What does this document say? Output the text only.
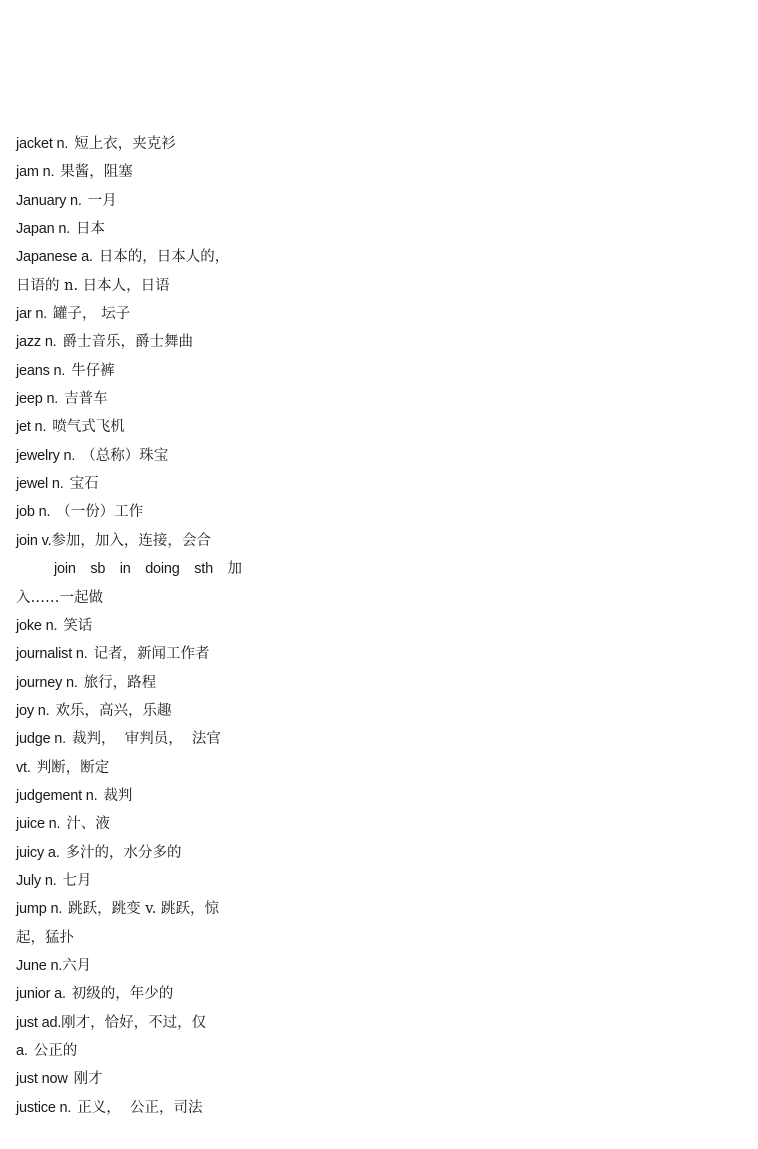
jacket n. 短上衣，夹克衫
jam n. 果酱，阻塞
January n. 一月
Japan n. 日本
Japanese a. 日本的，日本人的，
日语的 n. 日本人，日语
jar n. 罐子， 坛子
jazz n. 爵士音乐，爵士舞曲
jeans n. 牛仔裤
jeep n. 吉普车
jet n. 喷气式飞机
jewelry n. （总称）珠宝
jewel n. 宝石
job n. （一份）工作
join v.参加，加入，连接，会合
join sb in doing sth 加
入……一起做
joke n. 笑话
journalist n. 记者，新闻工作者
journey n. 旅行，路程
joy n. 欢乐，高兴，乐趣
judge n. 裁判，  审判员，  法官
vt. 判断，断定
judgement n. 裁判
juice n. 汁、液
juicy a. 多汁的，水分多的
July n. 七月
jump n. 跳跃，跳变 v. 跳跃，惊
起，猛扑
June n.六月
junior a. 初级的，年少的
just ad.刚才，恰好，不过，仅
a. 公正的
just now 刚才
justice n. 正义，  公正，司法
